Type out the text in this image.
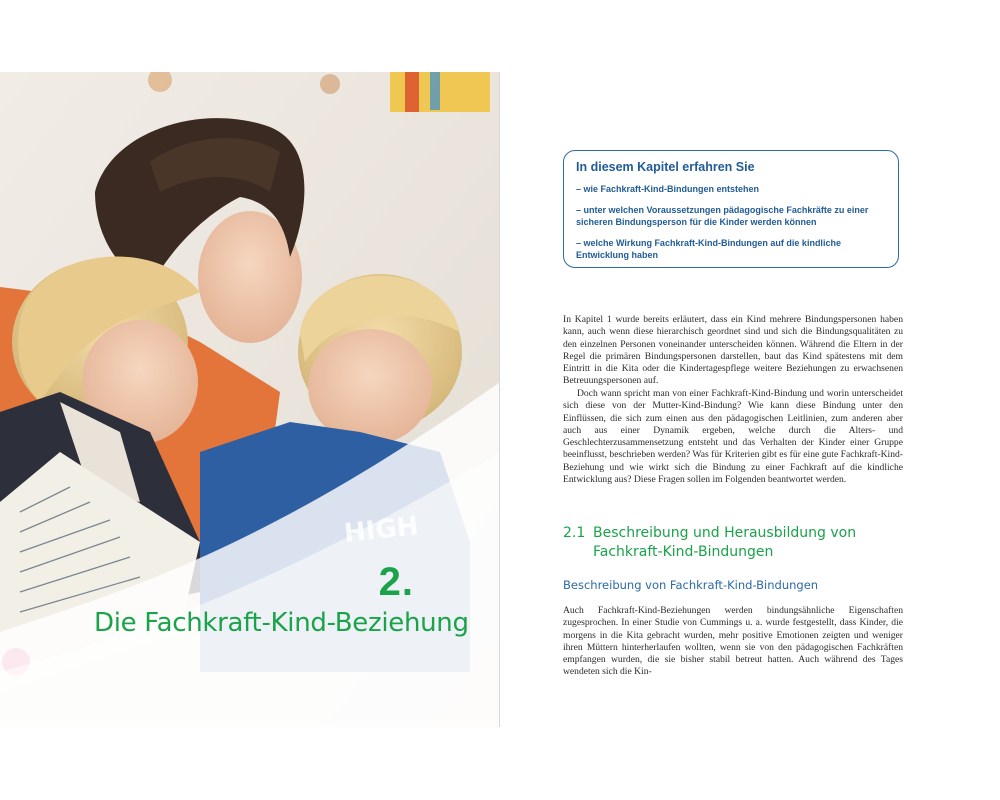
2.
Die Fachkraft-Kind-Beziehung
In diesem Kapitel erfahren Sie
– wie Fachkraft-Kind-Bindungen entstehen
– unter welchen Voraussetzungen pädagogische Fachkräfte zu einer sicheren Bindungsperson für die Kinder werden können
– welche Wirkung Fachkraft-Kind-Bindungen auf die kindliche Entwicklung haben

In Kapitel 1 wurde bereits erläutert, dass ein Kind mehrere Bindungspersonen haben kann, auch wenn diese hierarchisch geordnet sind und sich die Bindungsqualitäten zu den einzelnen Personen voneinander unterscheiden können. Während die Eltern in der Regel die primären Bindungspersonen darstellen, baut das Kind spätestens mit dem Eintritt in die Kita oder die Kindertagespflege weitere Beziehungen zu erwachsenen Betreuungspersonen auf.

Doch wann spricht man von einer Fachkraft-Kind-Bindung und worin unterscheidet sich diese von der Mutter-Kind-Bindung? Wie kann diese Bindung unter den Einflüssen, die sich zum einen aus den pädagogischen Leitlinien, zum anderen aber auch aus einer Dynamik ergeben, welche durch die Alters- und Geschlechterzusammensetzung entsteht und das Verhalten der Kinder einer Gruppe beeinflusst, beschrieben werden? Was für Kriterien gibt es für eine gute Fachkraft-Kind-Beziehung und wie wirkt sich die Bindung zu einer Fachkraft auf die kindliche Entwicklung aus? Diese Fragen sollen im Folgenden beantwortet werden.

2.1 Beschreibung und Herausbildung von Fachkraft-Kind-Bindungen
Beschreibung von Fachkraft-Kind-Bindungen

Auch Fachkraft-Kind-Beziehungen werden bindungsähnliche Eigenschaften zugesprochen. In einer Studie von Cummings u. a. wurde festgestellt, dass Kinder, die morgens in die Kita gebracht wurden, mehr positive Emotionen zeigten und weniger ihren Müttern hinterherlaufen wollten, wenn sie von den pädagogischen Fachkräften empfangen wurden, die sie bisher stabil betreut hatten. Auch während des Tages wendeten sich die Kin-
